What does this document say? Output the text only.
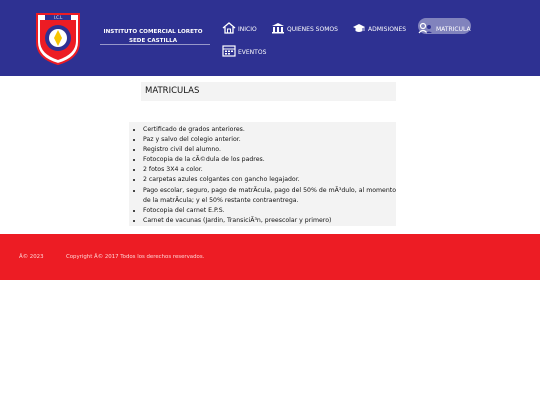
I.C.L
INSTITUTO COMERCIAL LORETO
SEDE CASTILLA
INICIO	QUIENES SOMOS	ADMISIONES	MATRICULA
EVENTOS
MATRICULAS
• Certificado de grados anteriores.
• Paz y salvo del colegio anterior.
• Registro civil del alumno.
• Fotocopia de la cÃ©dula de los padres.
• 2 fotos 3X4 a color.
• 2 carpetas azules colgantes con gancho legajador.
• Pago escolar, seguro, pago de matrÃcula, pago del 50% de mÃ³dulo, al momento de la matrÃcula; y el 50% restante contraentrega.
• Fotocopia del carnet E.P.S.
• Carnet de vacunas (Jardin, TransiciÃ³n, preescolar y primero)
Â© 2023	Copyright Â© 2017 Todos los derechos reservados.
